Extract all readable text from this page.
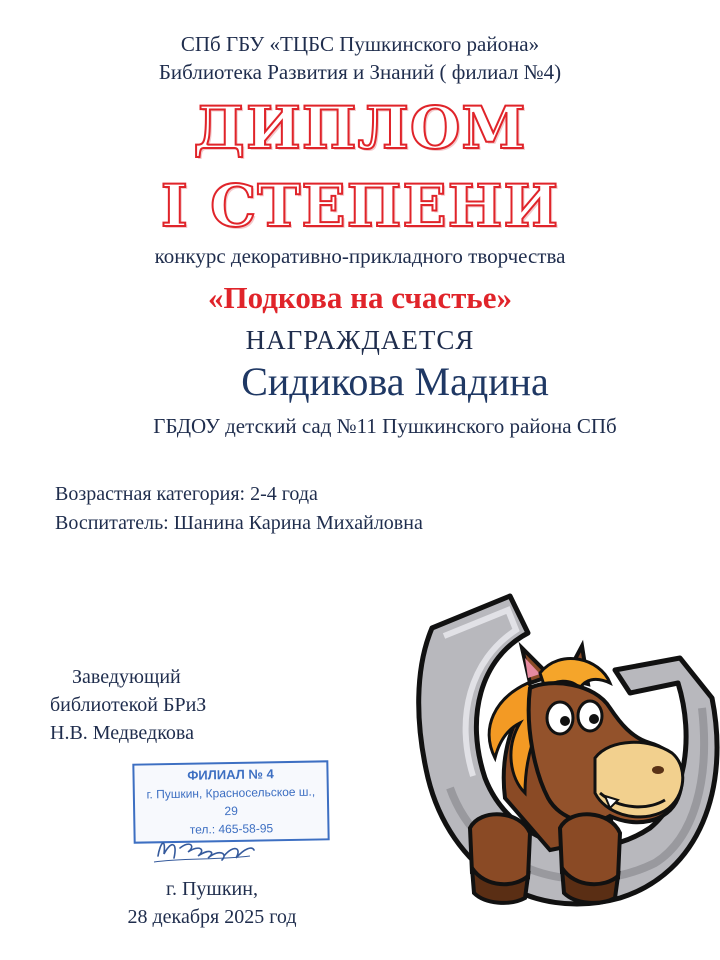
СПб ГБУ «ТЦБС Пушкинского района»
Библиотека Развития и Знаний ( филиал №4)
ДИПЛОМ
I СТЕПЕНИ
конкурс декоративно-прикладного творчества
«Подкова на счастье»
НАГРАЖДАЕТСЯ
Сидикова Мадина
ГБДОУ детский сад №11 Пушкинского района СПб
Возрастная категория: 2-4 года
Воспитатель: Шанина Карина Михайловна
Заведующий
библиотекой БРиЗ
Н.В. Медведкова
ФИЛИАЛ № 4
г. Пушкин, Красносельское ш., 29
тел.: 465-58-95
г. Пушкин,
28 декабря 2025 год
